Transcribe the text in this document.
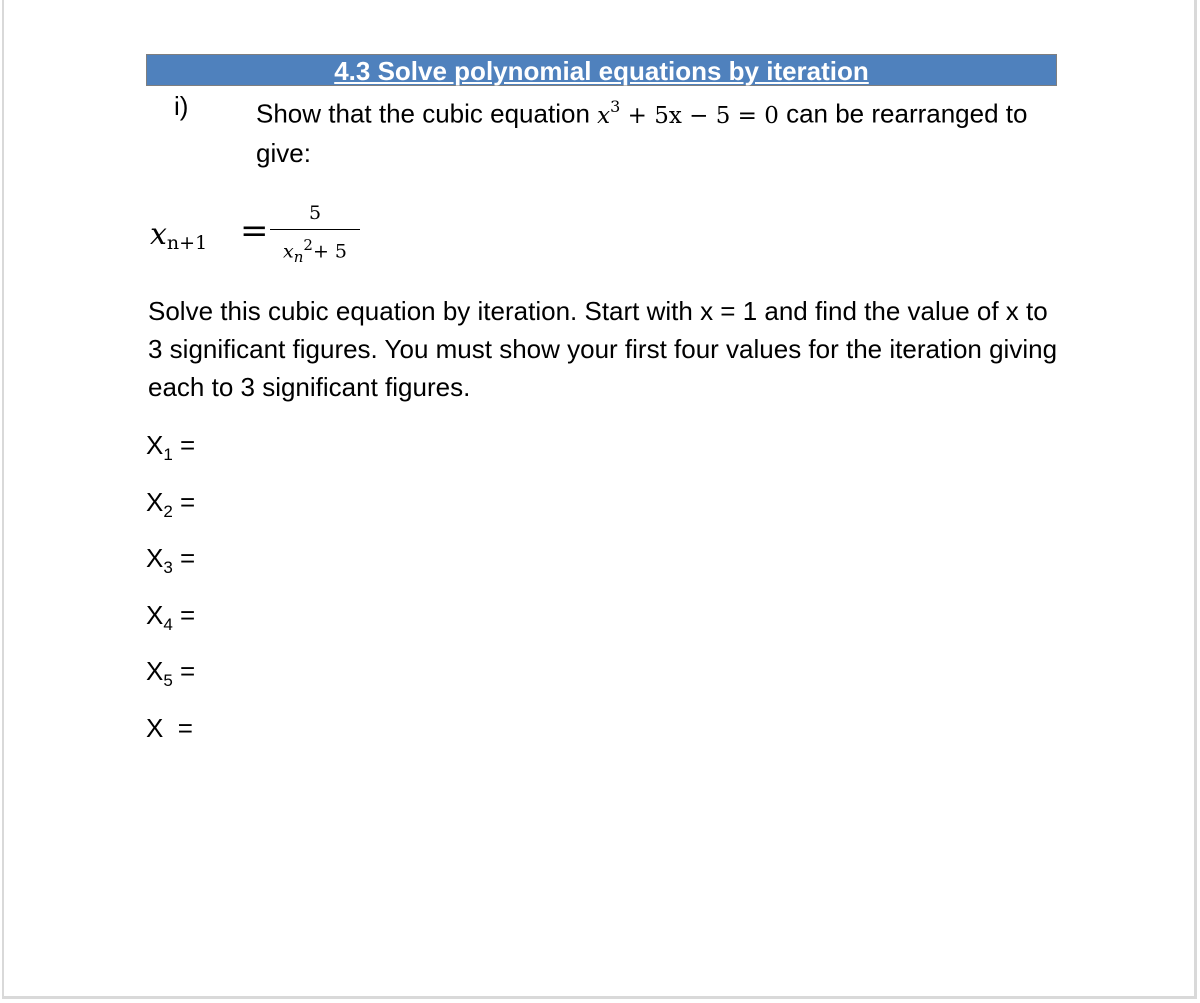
4.3 Solve polynomial equations by iteration
i)	Show that the cubic equation $x^3 + 5x - 5 = 0$ can be rearranged to give:
$x_{n+1}$ =	5
$x_n^2+ 5$
Solve this cubic equation by iteration. Start with x = 1 and find the value of x to 3 significant figures. You must show your first four values for the iteration giving each to 3 significant figures.
$X_1$ =
$X_2$ =
$X_3$ =
$X_4$ =
$X_5$ =
X  =
